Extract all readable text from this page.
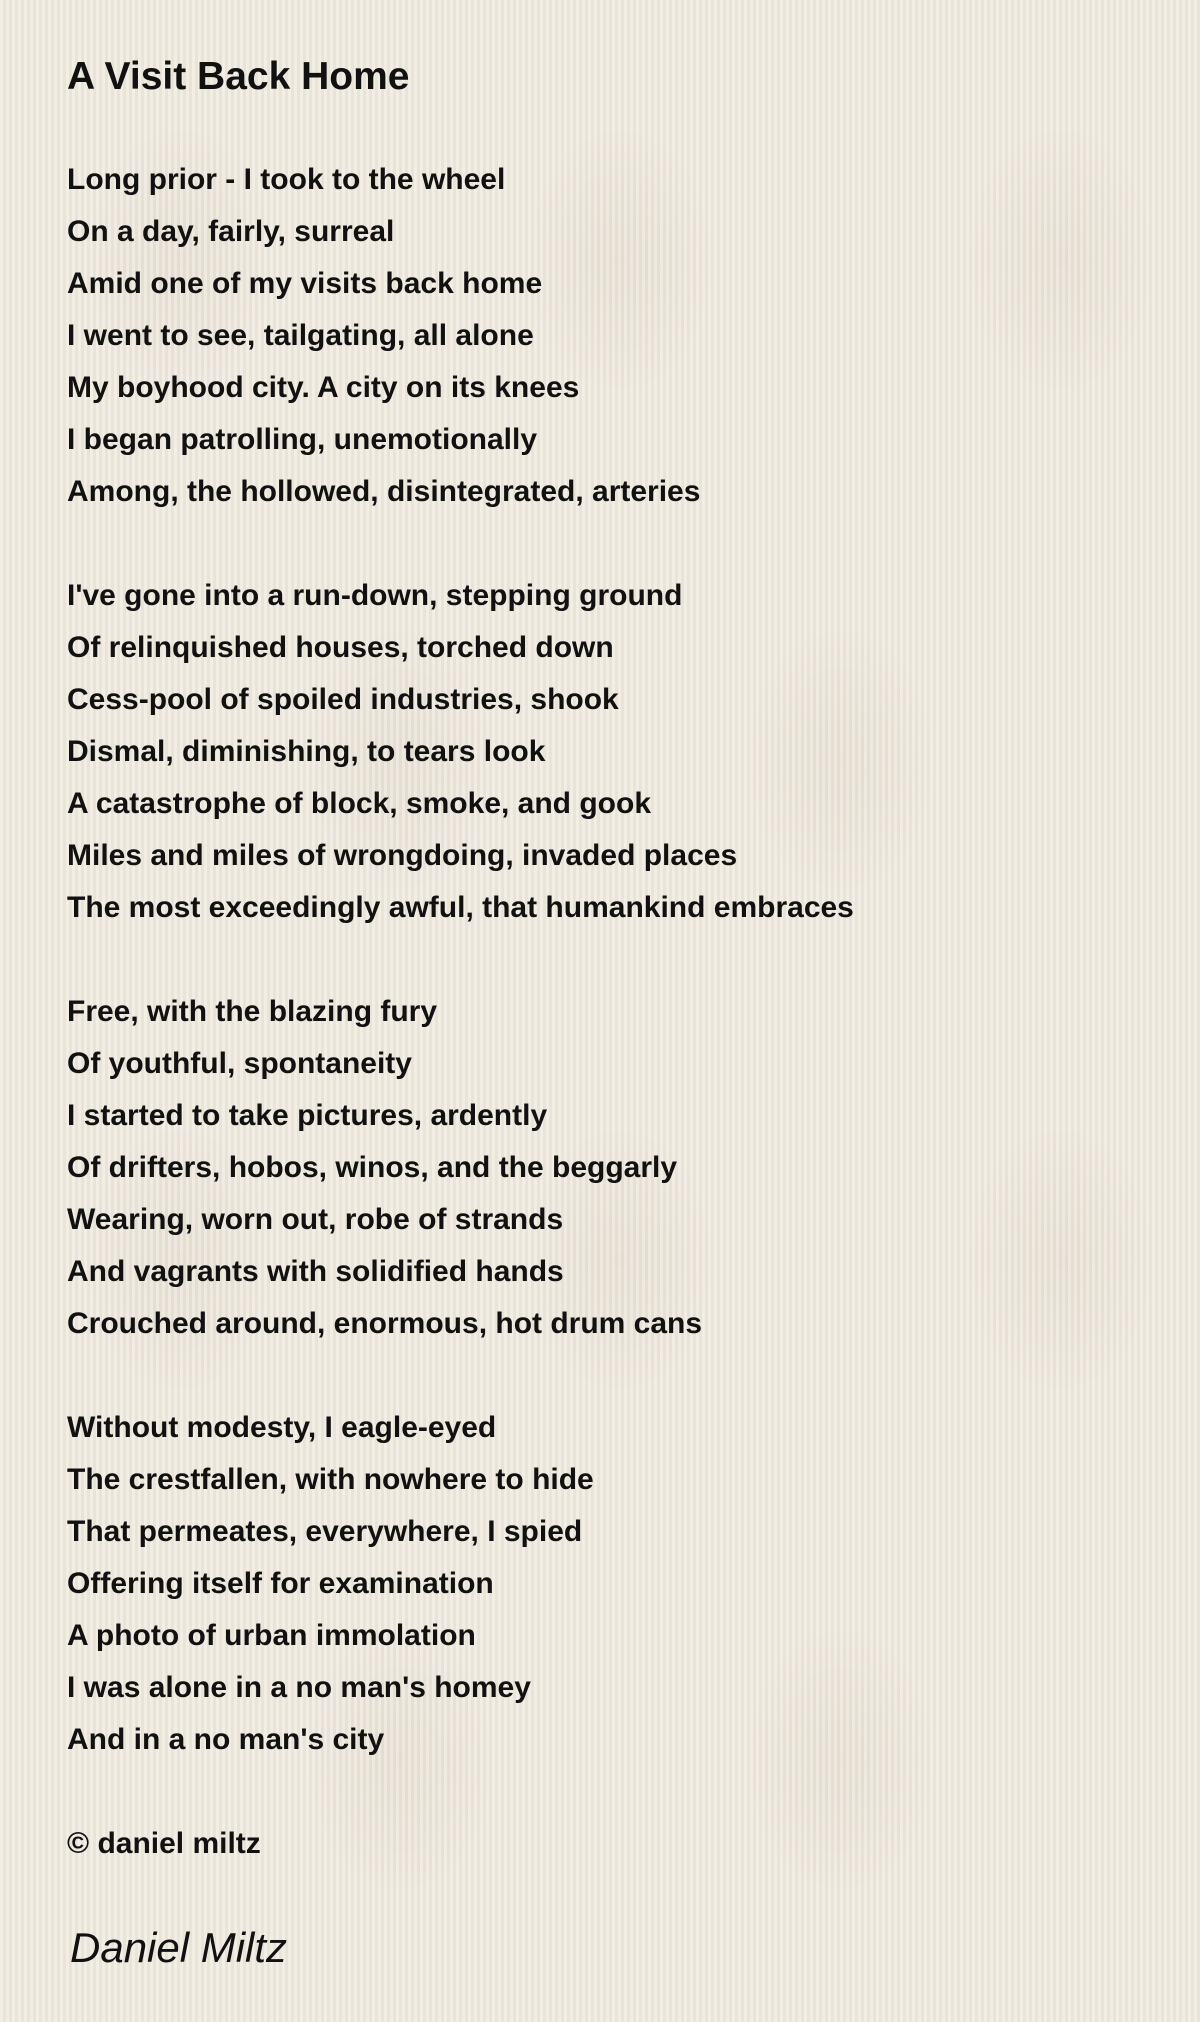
A Visit Back Home
Long prior - I took to the wheel
On a day, fairly, surreal
Amid one of my visits back home
I went to see, tailgating, all alone
My boyhood city. A city on its knees
I began patrolling, unemotionally
Among, the hollowed, disintegrated, arteries
I've gone into a run-down, stepping ground
Of relinquished houses, torched down
Cess-pool of spoiled industries, shook
Dismal, diminishing, to tears look
A catastrophe of block, smoke, and gook
Miles and miles of wrongdoing, invaded places
The most exceedingly awful, that humankind embraces
Free, with the blazing fury
Of youthful, spontaneity
I started to take pictures, ardently
Of drifters, hobos, winos, and the beggarly
Wearing, worn out, robe of strands
And vagrants with solidified hands
Crouched around, enormous, hot drum cans
Without modesty, I eagle-eyed
The crestfallen, with nowhere to hide
That permeates, everywhere, I spied
Offering itself for examination
A photo of urban immolation
I was alone in a no man's homey
And in a no man's city
© daniel miltz
Daniel Miltz
